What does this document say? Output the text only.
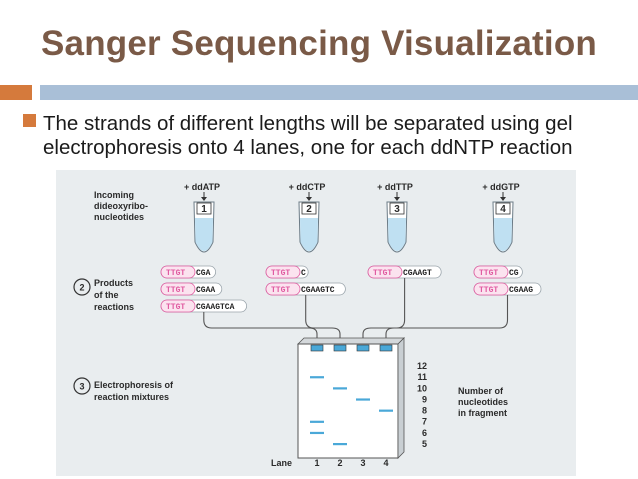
Sanger Sequencing Visualization
The strands of different lengths will be separated using gel electrophoresis onto 4 lanes, one for each ddNTP reaction
+ ddATP
1
+ ddCTP
2
+ ddTTP
3
+ ddGTP
4
Incoming
dideoxyribo-
nucleotides
2 Products
of the
reactions
3 Electrophoresis of
reaction mixtures
TTGT CGA
TTGT CGAA
TTGT CGAAGTCA
TTGT C
TTGT CGAAGTC
TTGT CGAAGT	TTGT CG
TTGT CGAAG
12
11
10
9
8
7
6
5
1 2 3 4
Number of
nucleotides
in fragment
Lane
